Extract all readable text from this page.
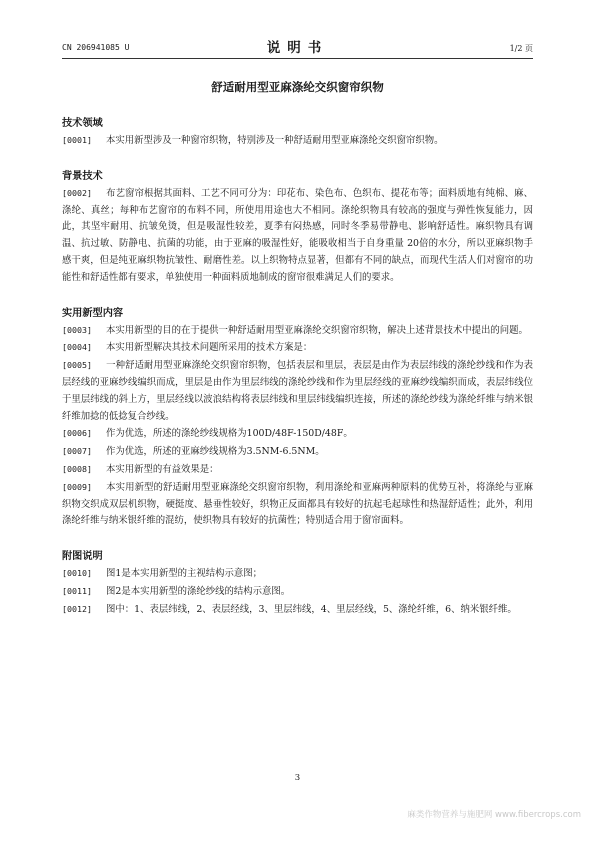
CN 206941085 U	说明书	1/2 页
舒适耐用型亚麻涤纶交织窗帘织物
技术领域

[0001] 本实用新型涉及一种窗帘织物，特别涉及一种舒适耐用型亚麻涤纶交织窗帘织物。

背景技术

[0002] 布艺窗帘根据其面料、工艺不同可分为：印花布、染色布、色织布、提花布等；面料质地有纯棉、麻、涤纶、真丝；每种布艺窗帘的布料不同，所使用用途也大不相同。涤纶织物具有较高的强度与弹性恢复能力，因此，其坚牢耐用、抗皱免烫，但是吸湿性较差，夏季有闷热感，同时冬季易带静电、影响舒适性。麻织物具有调温、抗过敏、防静电、抗菌的功能，由于亚麻的吸湿性好，能吸收相当于自身重量 20倍的水分，所以亚麻织物手感干爽，但是纯亚麻织物抗皱性、耐磨性差。以上织物特点显著，但都有不同的缺点，而现代生活人们对窗帘的功能性和舒适性都有要求，单独使用一种面料质地制成的窗帘很难满足人们的要求。

实用新型内容

[0003] 本实用新型的目的在于提供一种舒适耐用型亚麻涤纶交织窗帘织物，解决上述背景技术中提出的问题。

[0004] 本实用新型解决其技术问题所采用的技术方案是：

[0005] 一种舒适耐用型亚麻涤纶交织窗帘织物，包括表层和里层，表层是由作为表层纬线的涤纶纱线和作为表层经线的亚麻纱线编织而成，里层是由作为里层纬线的涤纶纱线和作为里层经线的亚麻纱线编织而成，表层纬线位于里层纬线的斜上方，里层经线以波浪结构将表层纬线和里层纬线编织连接，所述的涤纶纱线为涤纶纤维与纳米银纤维加捻的低捻复合纱线。

[0006] 作为优选，所述的涤纶纱线规格为100D/48F-150D/48F。

[0007] 作为优选，所述的亚麻纱线规格为3.5NM-6.5NM。

[0008] 本实用新型的有益效果是：

[0009] 本实用新型的舒适耐用型亚麻涤纶交织窗帘织物，利用涤纶和亚麻两种原料的优势互补，将涤纶与亚麻织物交织成双层机织物，硬挺度、悬垂性较好，织物正反面都具有较好的抗起毛起球性和热湿舒适性；此外，利用涤纶纤维与纳米银纤维的混纺，使织物具有较好的抗菌性；特别适合用于窗帘面料。

附图说明

[0010] 图1是本实用新型的主视结构示意图；

[0011] 图2是本实用新型的涤纶纱线的结构示意图。

[0012] 图中：1、表层纬线，2、表层经线，3、里层纬线，4、里层经线，5、涤纶纤维，6、纳米银纤维。

3
麻类作物营养与施肥网 www.fibercrops.com
